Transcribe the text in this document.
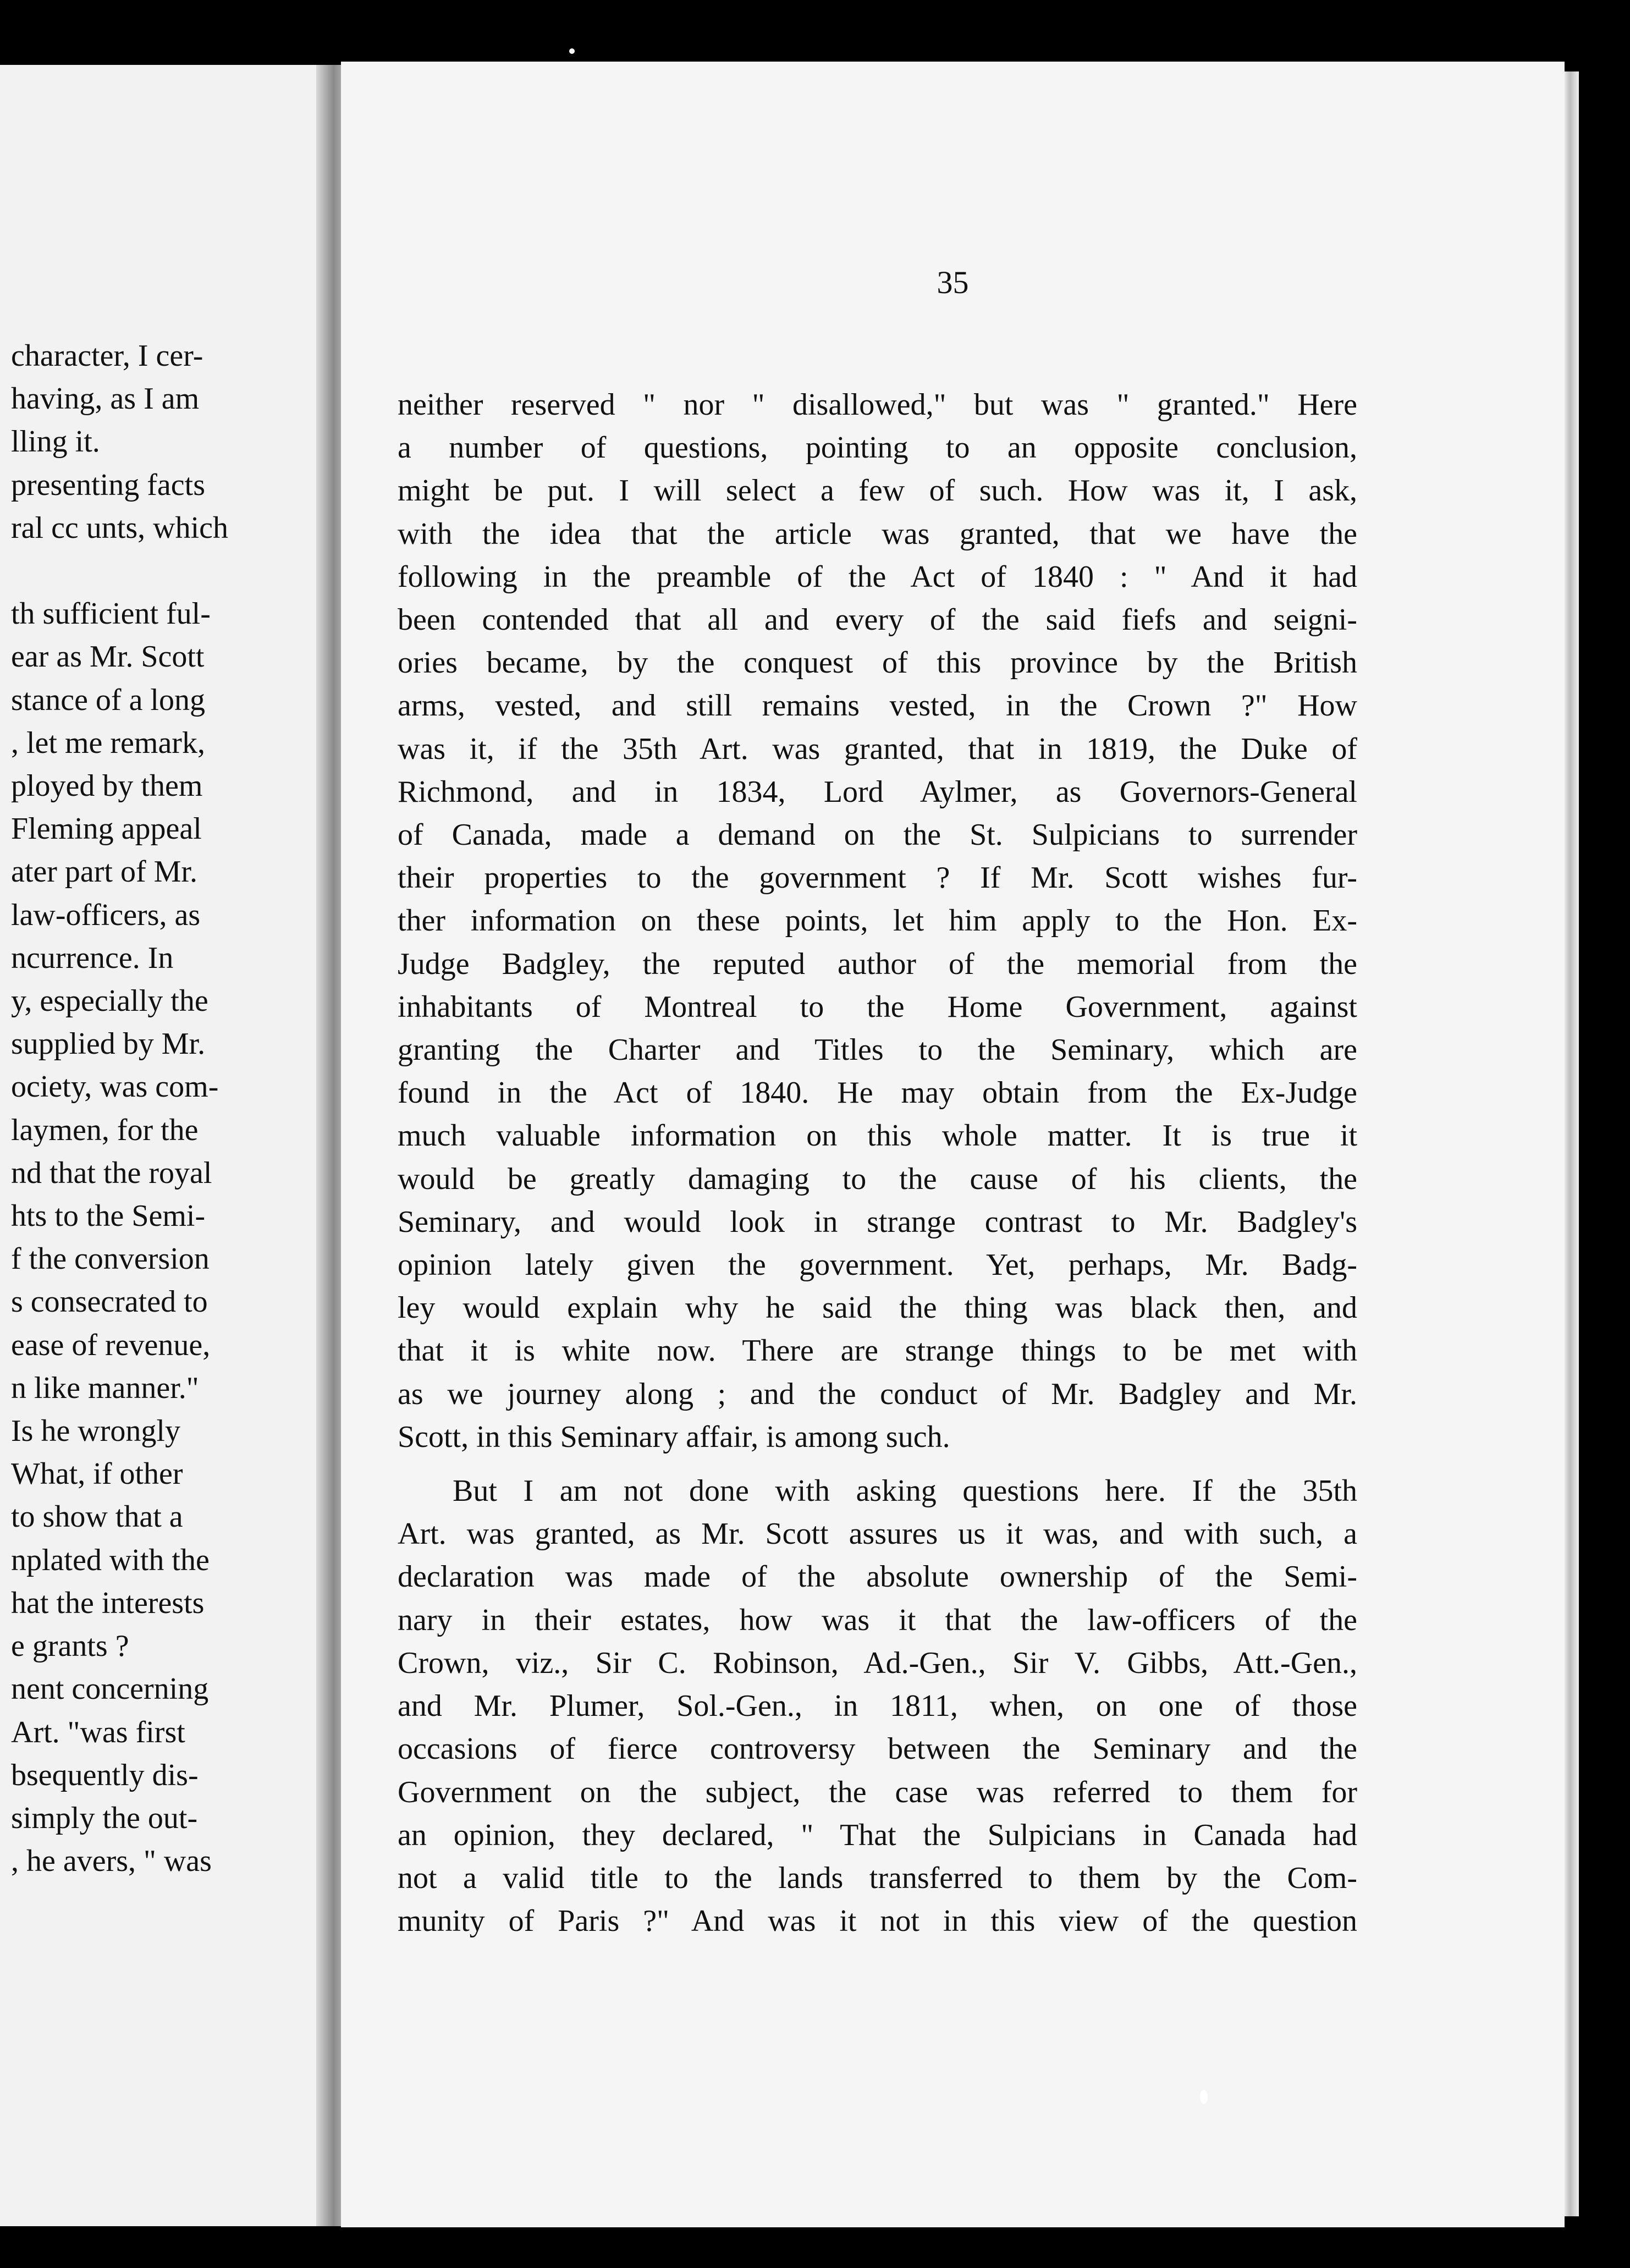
character, I cer-
having, as I am
lling it.
presenting facts
ral cc unts, which

th sufficient ful-
ear as Mr. Scott
stance of a long
, let me remark,
ployed by them
Fleming appeal
ater part of Mr.
law-officers, as
ncurrence. In
y, especially the
supplied by Mr.
ociety, was com-
laymen, for the
nd that the royal
hts to the Semi-
f the conversion
s consecrated to
ease of revenue,
n like manner."
Is he wrongly
What, if other
to show that a
nplated with the
hat the interests
e grants ?
nent concerning
Art. "was first
bsequently dis-
simply the out-
, he avers, " was
35
neither reserved " nor " disallowed," but was " granted." Here
a number of questions, pointing to an opposite conclusion,
might be put. I will select a few of such. How was it, I ask,
with the idea that the article was granted, that we have the
following in the preamble of the Act of 1840 : " And it had
been contended that all and every of the said fiefs and seigni-
ories became, by the conquest of this province by the British
arms, vested, and still remains vested, in the Crown ?" How
was it, if the 35th Art. was granted, that in 1819, the Duke of
Richmond, and in 1834, Lord Aylmer, as Governors-General
of Canada, made a demand on the St. Sulpicians to surrender
their properties to the government ? If Mr. Scott wishes fur-
ther information on these points, let him apply to the Hon. Ex-
Judge Badgley, the reputed author of the memorial from the
inhabitants of Montreal to the Home Government, against
granting the Charter and Titles to the Seminary, which are
found in the Act of 1840. He may obtain from the Ex-Judge
much valuable information on this whole matter. It is true it
would be greatly damaging to the cause of his clients, the
Seminary, and would look in strange contrast to Mr. Badgley's
opinion lately given the government. Yet, perhaps, Mr. Badg-
ley would explain why he said the thing was black then, and
that it is white now. There are strange things to be met with
as we journey along ; and the conduct of Mr. Badgley and Mr.
Scott, in this Seminary affair, is among such.
But I am not done with asking questions here. If the 35th
Art. was granted, as Mr. Scott assures us it was, and with such, a
declaration was made of the absolute ownership of the Semi-
nary in their estates, how was it that the law-officers of the
Crown, viz., Sir C. Robinson, Ad.-Gen., Sir V. Gibbs, Att.-Gen.,
and Mr. Plumer, Sol.-Gen., in 1811, when, on one of those
occasions of fierce controversy between the Seminary and the
Government on the subject, the case was referred to them for
an opinion, they declared, " That the Sulpicians in Canada had
not a valid title to the lands transferred to them by the Com-
munity of Paris ?" And was it not in this view of the question
